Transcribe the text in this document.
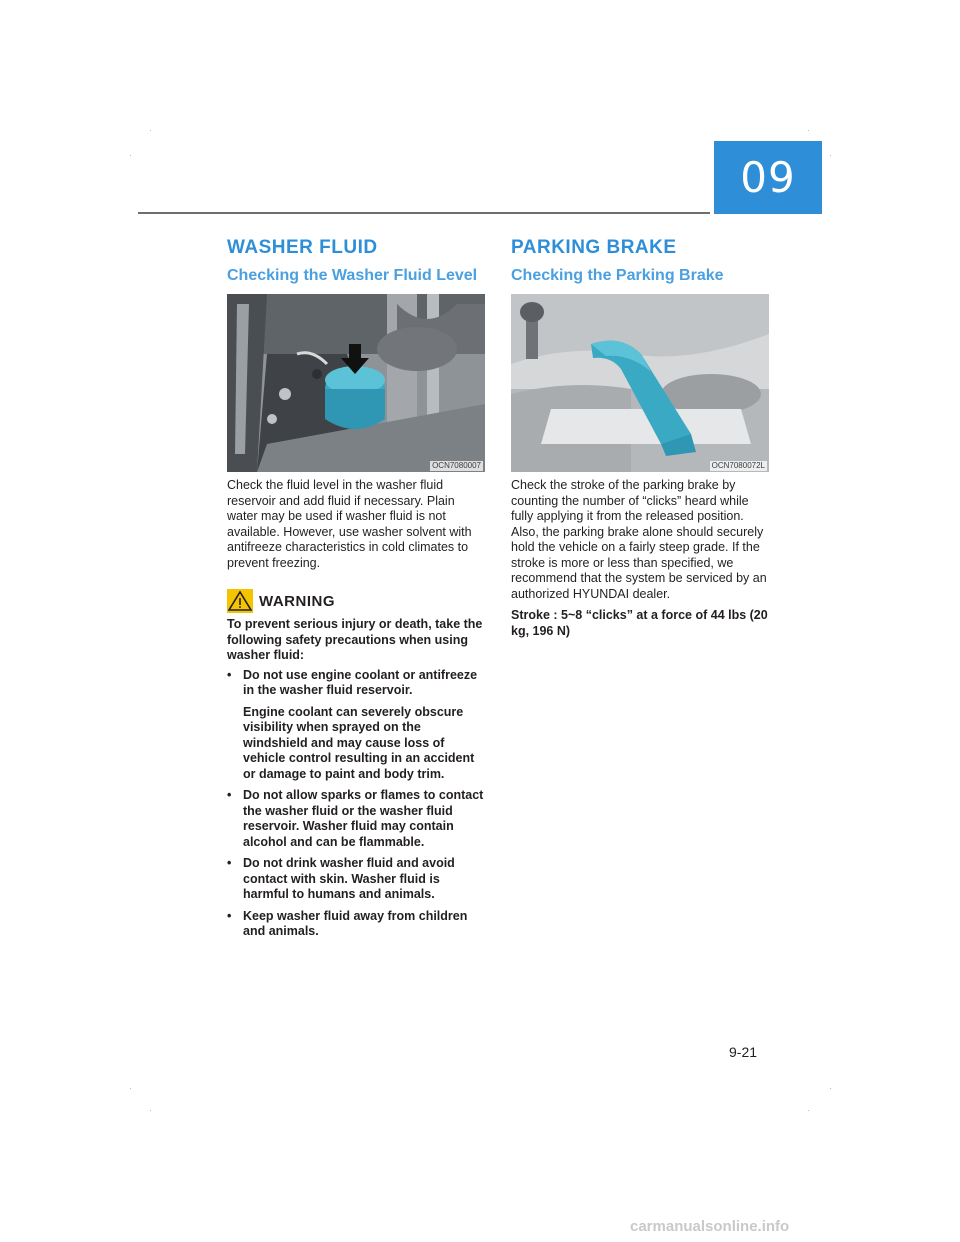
09
WASHER FLUID
Checking the Washer Fluid Level
OCN7080007

Check the fluid level in the washer fluid reservoir and add fluid if necessary. Plain water may be used if washer fluid is not available. However, use washer solvent with antifreeze characteristics in cold climates to prevent freezing.

WARNING

To prevent serious injury or death, take the following safety precautions when using washer fluid:

• Do not use engine coolant or antifreeze in the washer fluid reservoir.
Engine coolant can severely obscure visibility when sprayed on the windshield and may cause loss of vehicle control resulting in an accident or damage to paint and body trim.
• Do not allow sparks or flames to contact the washer fluid or the washer fluid reservoir. Washer fluid may contain alcohol and can be flammable.
• Do not drink washer fluid and avoid contact with skin. Washer fluid is harmful to humans and animals.
• Keep washer fluid away from children and animals.
PARKING BRAKE
Checking the Parking Brake
OCN7080072L

Check the stroke of the parking brake by counting the number of “clicks” heard while fully applying it from the released position. Also, the parking brake alone should securely hold the vehicle on a fairly steep grade. If the stroke is more or less than specified, we recommend that the system be serviced by an authorized HYUNDAI dealer.

Stroke : 5~8 “clicks” at a force of 44 lbs (20 kg, 196 N)

9-21
carmanualsonline.info
